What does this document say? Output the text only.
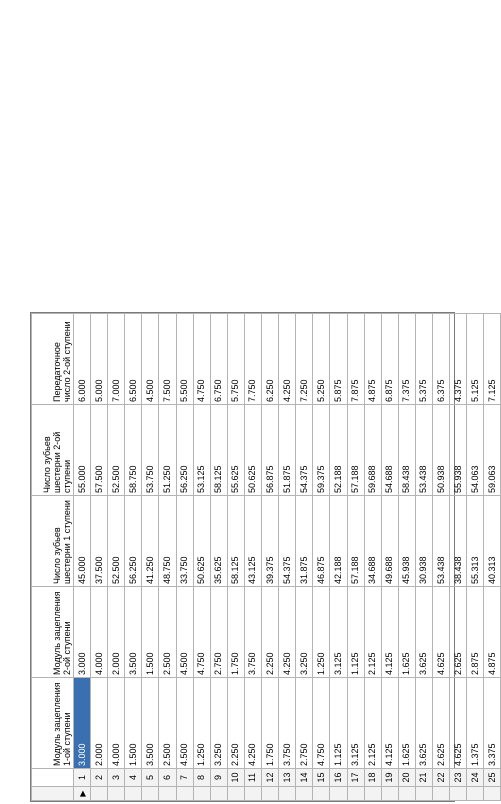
		Модуль зацепления 1-ой ступени	Модуль зацепления 2-ой ступени	Число зубьев шестерни 1 ступени	Число зубьев шестерни 2-ой ступени	Передаточное число 2-ой ступени
▶	1	3.000	3.000	45.000	55.000	6.000
	2	2.000	4.000	37.500	57.500	5.000
	3	4.000	2.000	52.500	52.500	7.000
	4	1.500	3.500	56.250	58.750	6.500
	5	3.500	1.500	41.250	53.750	4.500
	6	2.500	2.500	48.750	51.250	7.500
	7	4.500	4.500	33.750	56.250	5.500
	8	1.250	4.750	50.625	53.125	4.750
	9	3.250	2.750	35.625	58.125	6.750
	10	2.250	1.750	58.125	55.625	5.750
	11	4.250	3.750	43.125	50.625	7.750
	12	1.750	2.250	39.375	56.875	6.250
	13	3.750	4.250	54.375	51.875	4.250
	14	2.750	3.250	31.875	54.375	7.250
	15	4.750	1.250	46.875	59.375	5.250
	16	1.125	3.125	42.188	52.188	5.875
	17	3.125	1.125	57.188	57.188	7.875
	18	2.125	2.125	34.688	59.688	4.875
	19	4.125	4.125	49.688	54.688	6.875
	20	1.625	1.625	45.938	58.438	7.375
	21	3.625	3.625	30.938	53.438	5.375
	22	2.625	4.625	53.438	50.938	6.375
	23	4.625	2.625	38.438	55.938	4.375
	24	1.375	2.875	55.313	54.063	5.125
	25	3.375	4.875	40.313	59.063	7.125
